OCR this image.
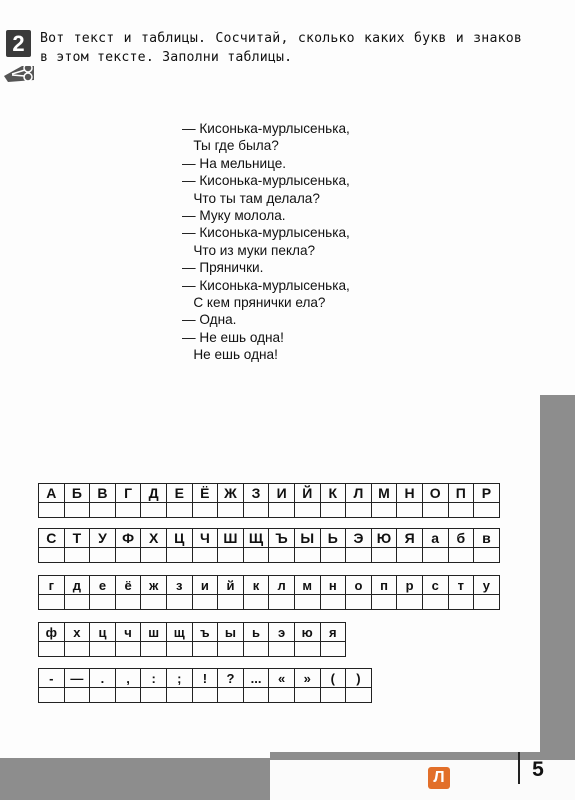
2	Вот текст и таблицы. Сосчитай, сколько каких букв и знаков в этом тексте. Заполни таблицы.
— Кисонька-мурлысенька,
Ты где была?
— На мельнице.
— Кисонька-мурлысенька,
Что ты там делала?
— Муку молола.
— Кисонька-мурлысенька,
Что из муки пекла?
— Прянички.
— Кисонька-мурлысенька,
С кем прянички ела?
— Одна.
— Не ешь одна!
Не ешь одна!
А	Б	В	Г	Д	Е	Ё	Ж	З	И	Й	К	Л	М	Н	О	П	Р

С	Т	У	Ф	Х	Ц	Ч	Ш	Щ	Ъ	Ы	Ь	Э	Ю	Я	а	б	в

г	д	е	ё	ж	з	и	й	к	л	м	н	о	п	р	с	т	у

ф	х	ц	ч	ш	щ	ъ	ы	ь	э	ю	я

-	—	.	,	:	;	!	?	...	«	»	(	)

5
Л
